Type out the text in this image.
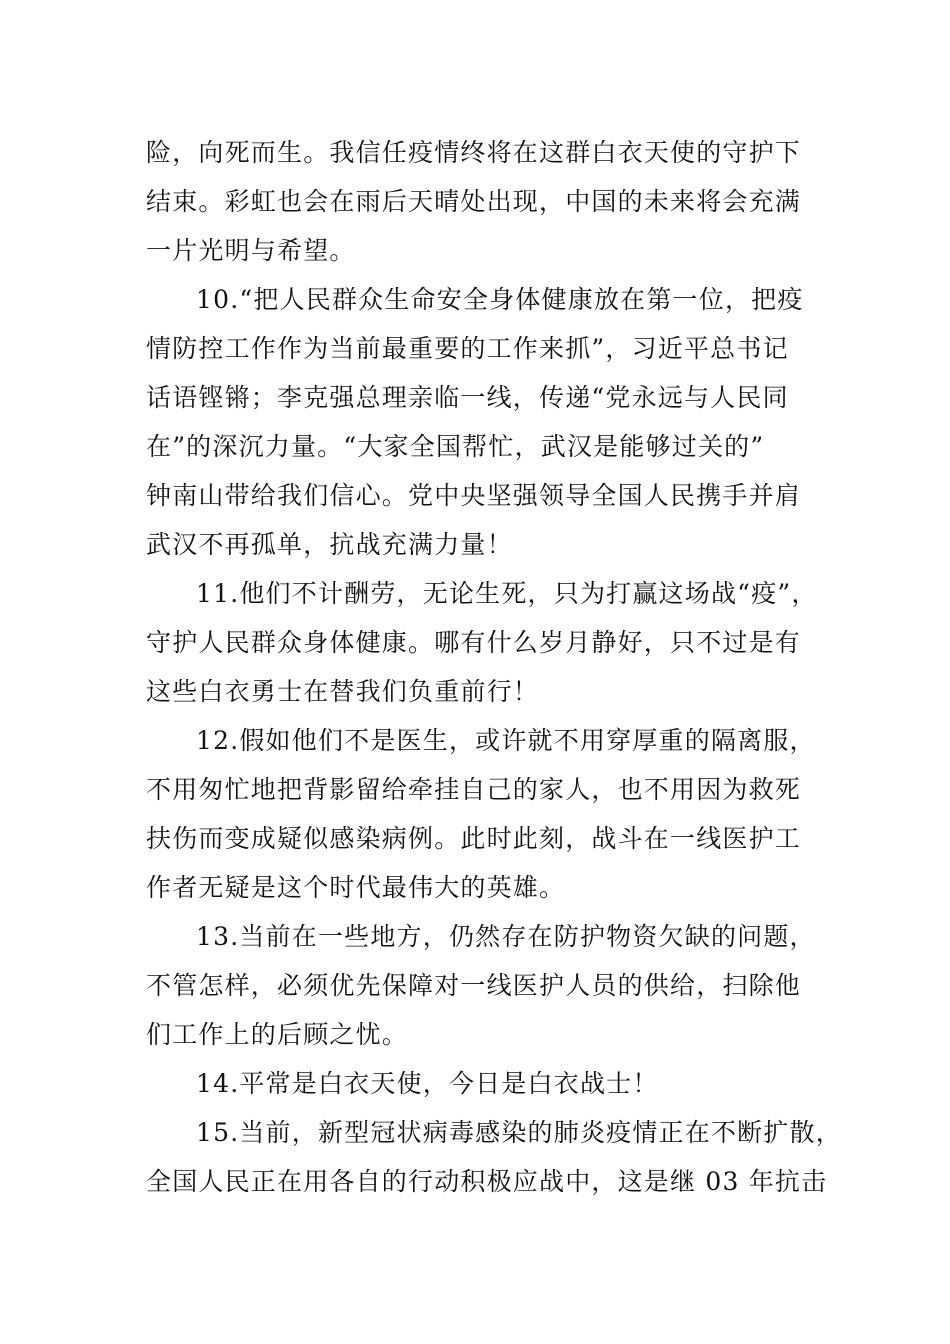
险，向死而生。我信任疫情终将在这群白衣天使的守护下
结束。彩虹也会在雨后天晴处出现，中国的未来将会充满
一片光明与希望。
10.“把人民群众生命安全身体健康放在第一位，把疫
情防控工作作为当前最重要的工作来抓”，习近平总书记
话语铿锵；李克强总理亲临一线，传递“党永远与人民同
在”的深沉力量。“大家全国帮忙，武汉是能够过关的”
钟南山带给我们信心。党中央坚强领导全国人民携手并肩
武汉不再孤单，抗战充满力量！
11.他们不计酬劳，无论生死，只为打赢这场战“疫”，
守护人民群众身体健康。哪有什么岁月静好，只不过是有
这些白衣勇士在替我们负重前行！
12.假如他们不是医生，或许就不用穿厚重的隔离服，
不用匆忙地把背影留给牵挂自己的家人，也不用因为救死
扶伤而变成疑似感染病例。此时此刻，战斗在一线医护工
作者无疑是这个时代最伟大的英雄。
13.当前在一些地方，仍然存在防护物资欠缺的问题，
不管怎样，必须优先保障对一线医护人员的供给，扫除他
们工作上的后顾之忧。
14.平常是白衣天使，今日是白衣战士！
15.当前，新型冠状病毒感染的肺炎疫情正在不断扩散，
全国人民正在用各自的行动积极应战中，这是继 03 年抗击
